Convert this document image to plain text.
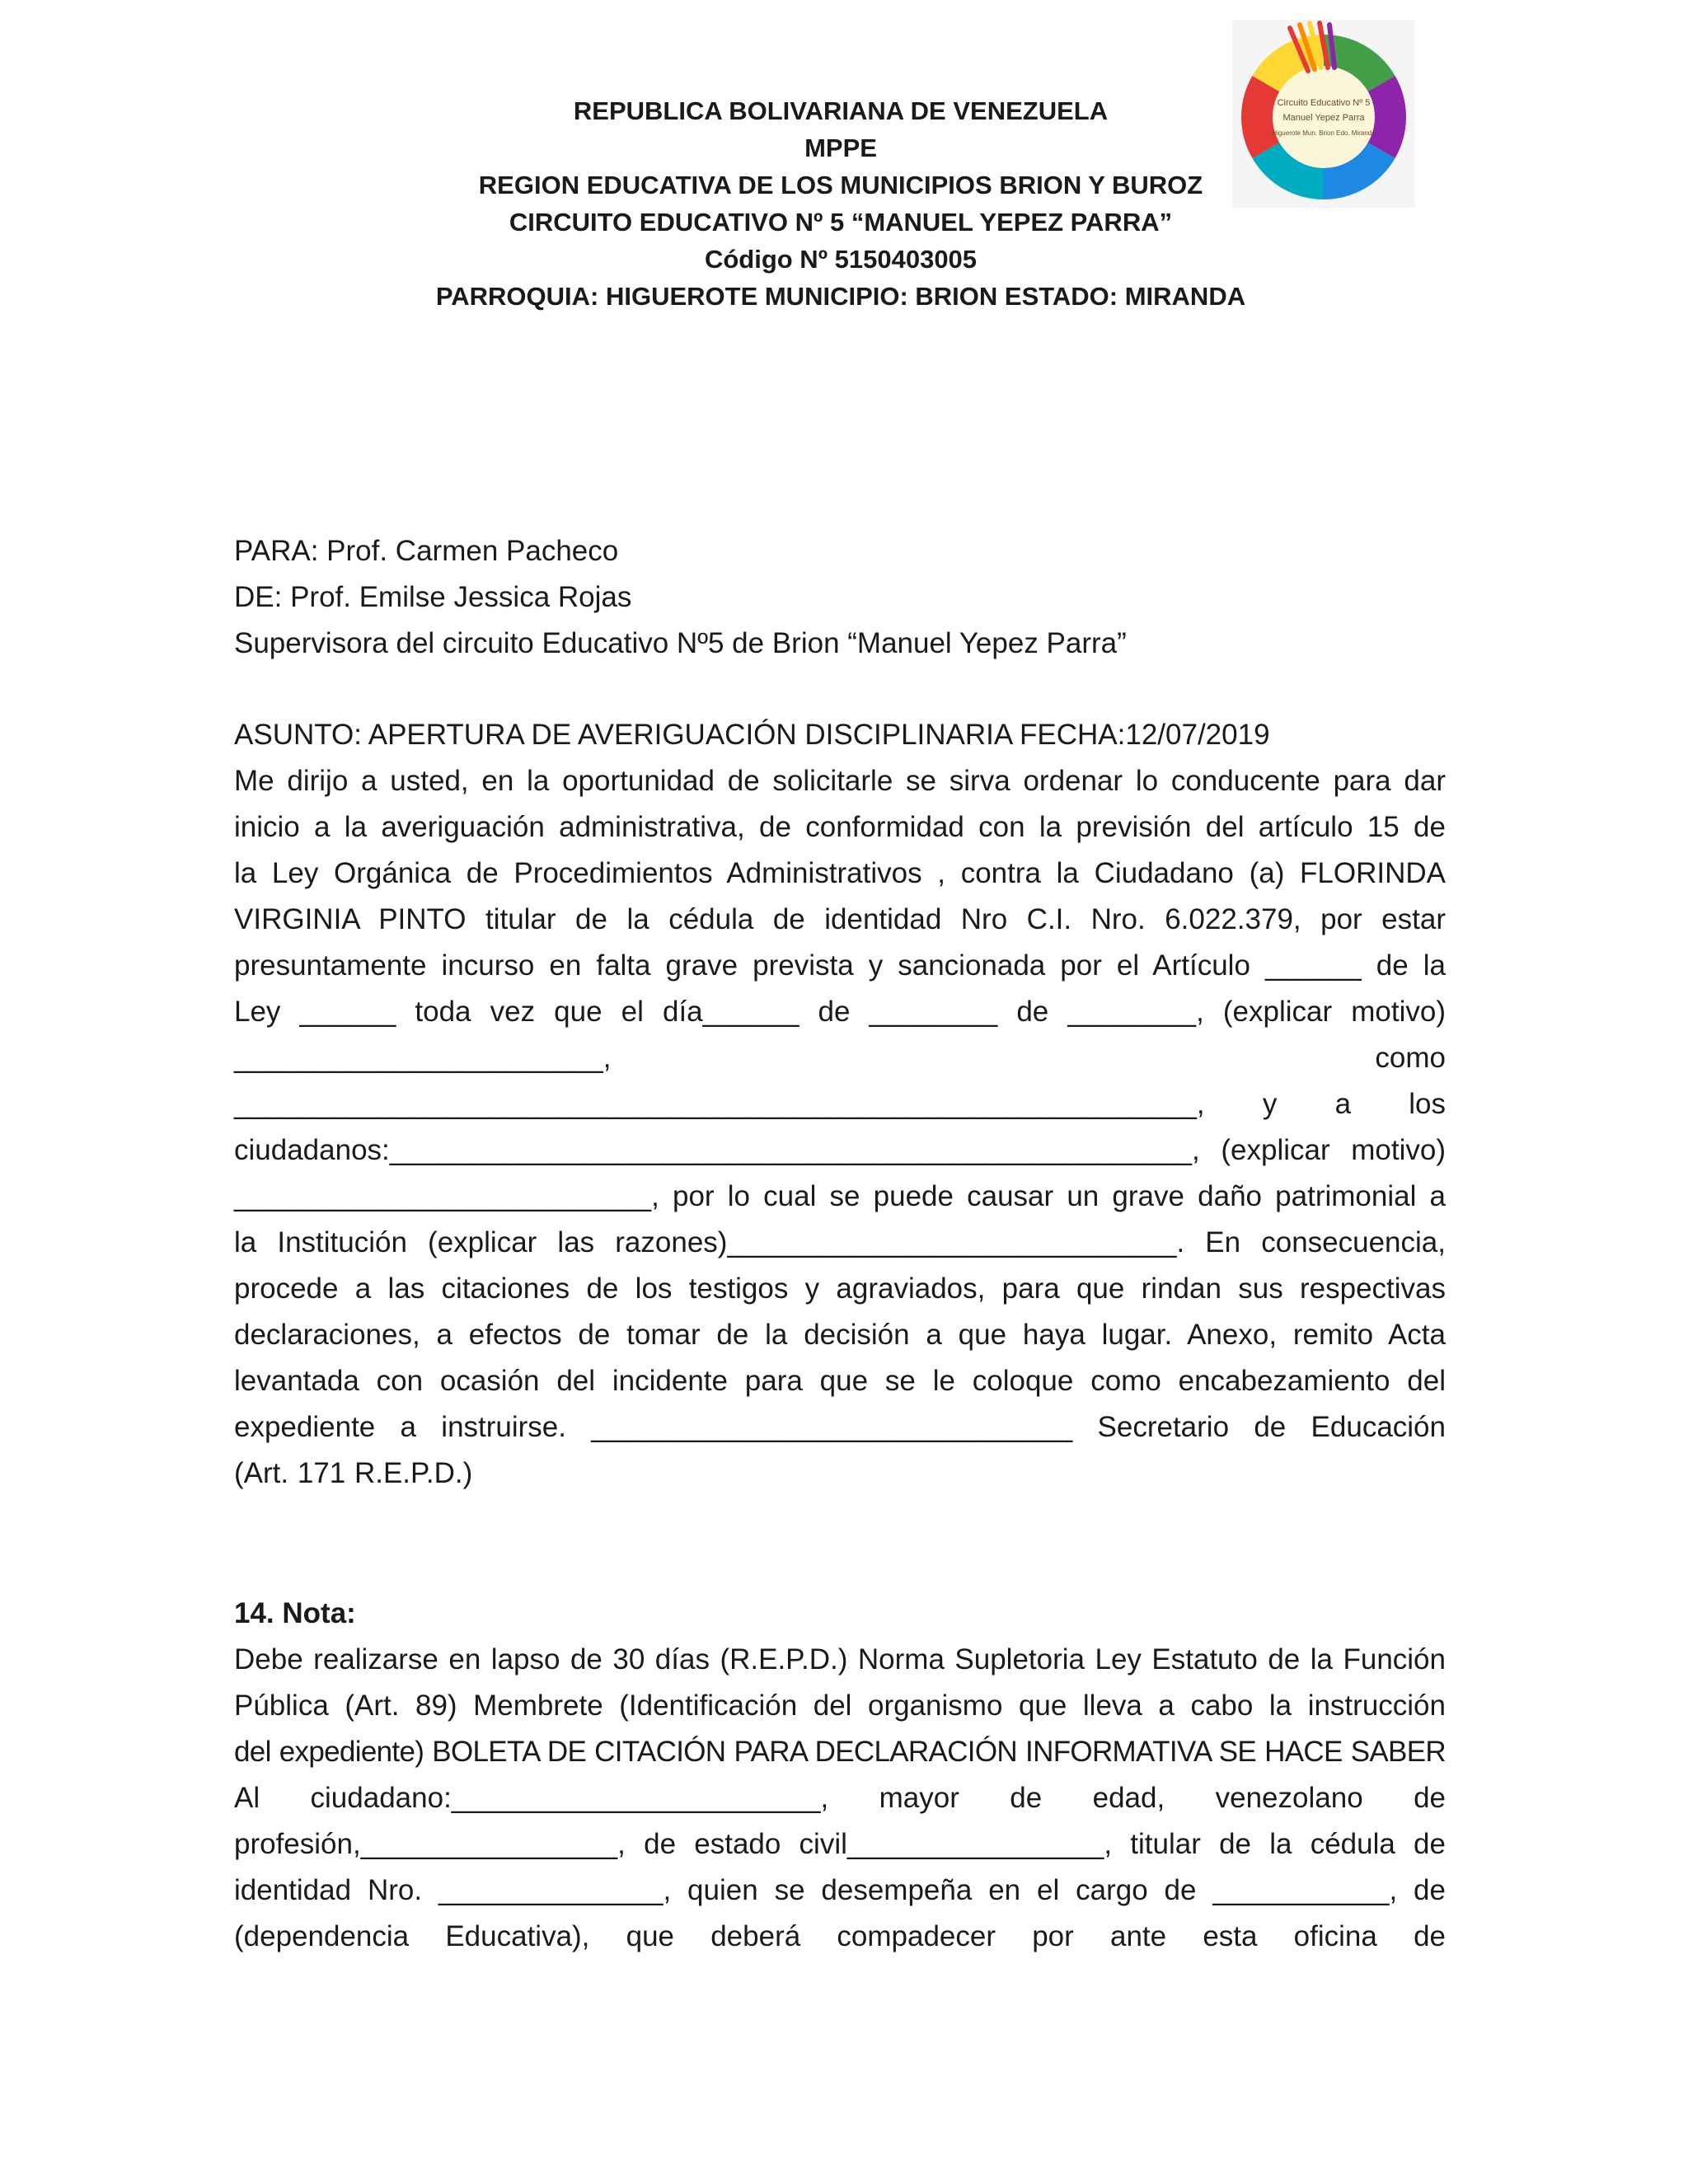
Circuito Educativo Nº 5
Manuel Yepez Parra
Higuerote Mun. Brion Edo. Miranda
REPUBLICA BOLIVARIANA DE VENEZUELA
MPPE
REGION EDUCATIVA DE LOS MUNICIPIOS BRION Y BUROZ
CIRCUITO EDUCATIVO Nº 5 “MANUEL YEPEZ PARRA”
Código Nº 5150403005
PARROQUIA: HIGUEROTE MUNICIPIO: BRION ESTADO: MIRANDA
PARA: Prof. Carmen Pacheco
DE: Prof. Emilse Jessica Rojas
Supervisora del circuito Educativo Nº5 de Brion “Manuel Yepez Parra”
ASUNTO: APERTURA DE AVERIGUACIÓN DISCIPLINARIA FECHA:12/07/2019
Me dirijo a usted, en la oportunidad de solicitarle se sirva ordenar lo conducente para dar
inicio a la averiguación administrativa, de conformidad con la previsión del artículo 15 de
la Ley Orgánica de Procedimientos Administrativos , contra la Ciudadano (a) FLORINDA
VIRGINIA PINTO titular de la cédula de identidad Nro C.I. Nro. 6.022.379, por estar
presuntamente incurso en falta grave prevista y sancionada por el Artículo ______ de la
Ley ______ toda vez que el día______ de ________ de ________, (explicar motivo)
_______________________, como
____________________________________________________________, y a los
ciudadanos:__________________________________________________, (explicar motivo)
__________________________, por lo cual se puede causar un grave daño patrimonial a
la Institución (explicar las razones)____________________________. En consecuencia,
procede a las citaciones de los testigos y agraviados, para que rindan sus respectivas
declaraciones, a efectos de tomar de la decisión a que haya lugar. Anexo, remito Acta
levantada con ocasión del incidente para que se le coloque como encabezamiento del
expediente a instruirse. ______________________________ Secretario de Educación
(Art. 171 R.E.P.D.)
14. Nota:
Debe realizarse en lapso de 30 días (R.E.P.D.) Norma Supletoria Ley Estatuto de la Función
Pública (Art. 89) Membrete (Identificación del organismo que lleva a cabo la instrucción
del expediente) BOLETA DE CITACIÓN PARA DECLARACIÓN INFORMATIVA SE HACE SABER
Al ciudadano:_______________________, mayor de edad, venezolano de
profesión,________________, de estado civil________________, titular de la cédula de
identidad Nro. ______________, quien se desempeña en el cargo de ___________, de
(dependencia Educativa), que deberá compadecer por ante esta oficina de
